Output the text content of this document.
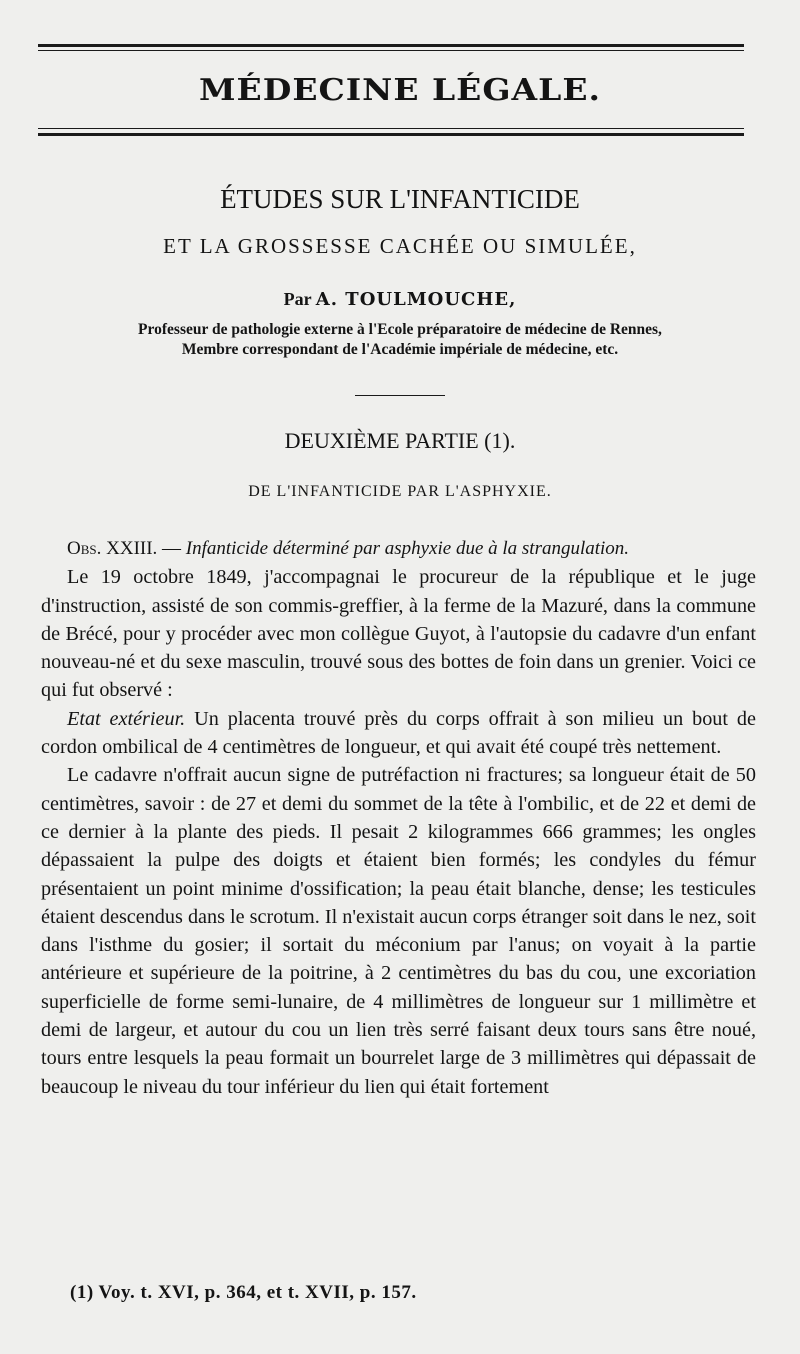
MÉDECINE LÉGALE.
ÉTUDES SUR L'INFANTICIDE
ET LA GROSSESSE CACHÉE OU SIMULÉE,
Par A. TOULMOUCHE,
Professeur de pathologie externe à l'Ecole préparatoire de médecine de Rennes,
Membre correspondant de l'Académie impériale de médecine, etc.
DEUXIÈME PARTIE (1).
DE L'INFANTICIDE PAR L'ASPHYXIE.

Obs. XXIII. — Infanticide déterminé par asphyxie due à la strangulation.

Le 19 octobre 1849, j'accompagnai le procureur de la république et le juge d'instruction, assisté de son commis-greffier, à la ferme de la Mazuré, dans la commune de Brécé, pour y procéder avec mon collègue Guyot, à l'autopsie du cadavre d'un enfant nouveau-né et du sexe masculin, trouvé sous des bottes de foin dans un grenier. Voici ce qui fut observé :

Etat extérieur. Un placenta trouvé près du corps offrait à son milieu un bout de cordon ombilical de 4 centimètres de longueur, et qui avait été coupé très nettement.

Le cadavre n'offrait aucun signe de putréfaction ni fractures; sa longueur était de 50 centimètres, savoir : de 27 et demi du sommet de la tête à l'ombilic, et de 22 et demi de ce dernier à la plante des pieds. Il pesait 2 kilogrammes 666 grammes; les ongles dépassaient la pulpe des doigts et étaient bien formés; les condyles du fémur présentaient un point minime d'ossification; la peau était blanche, dense; les testicules étaient descendus dans le scrotum. Il n'existait aucun corps étranger soit dans le nez, soit dans l'isthme du gosier; il sortait du méconium par l'anus; on voyait à la partie antérieure et supérieure de la poitrine, à 2 centimètres du bas du cou, une excoriation superficielle de forme semi-lunaire, de 4 millimètres de longueur sur 1 millimètre et demi de largeur, et autour du cou un lien très serré faisant deux tours sans être noué, tours entre lesquels la peau formait un bourrelet large de 3 millimètres qui dépassait de beaucoup le niveau du tour inférieur du lien qui était fortement

(1) Voy. t. XVI, p. 364, et t. XVII, p. 157.
